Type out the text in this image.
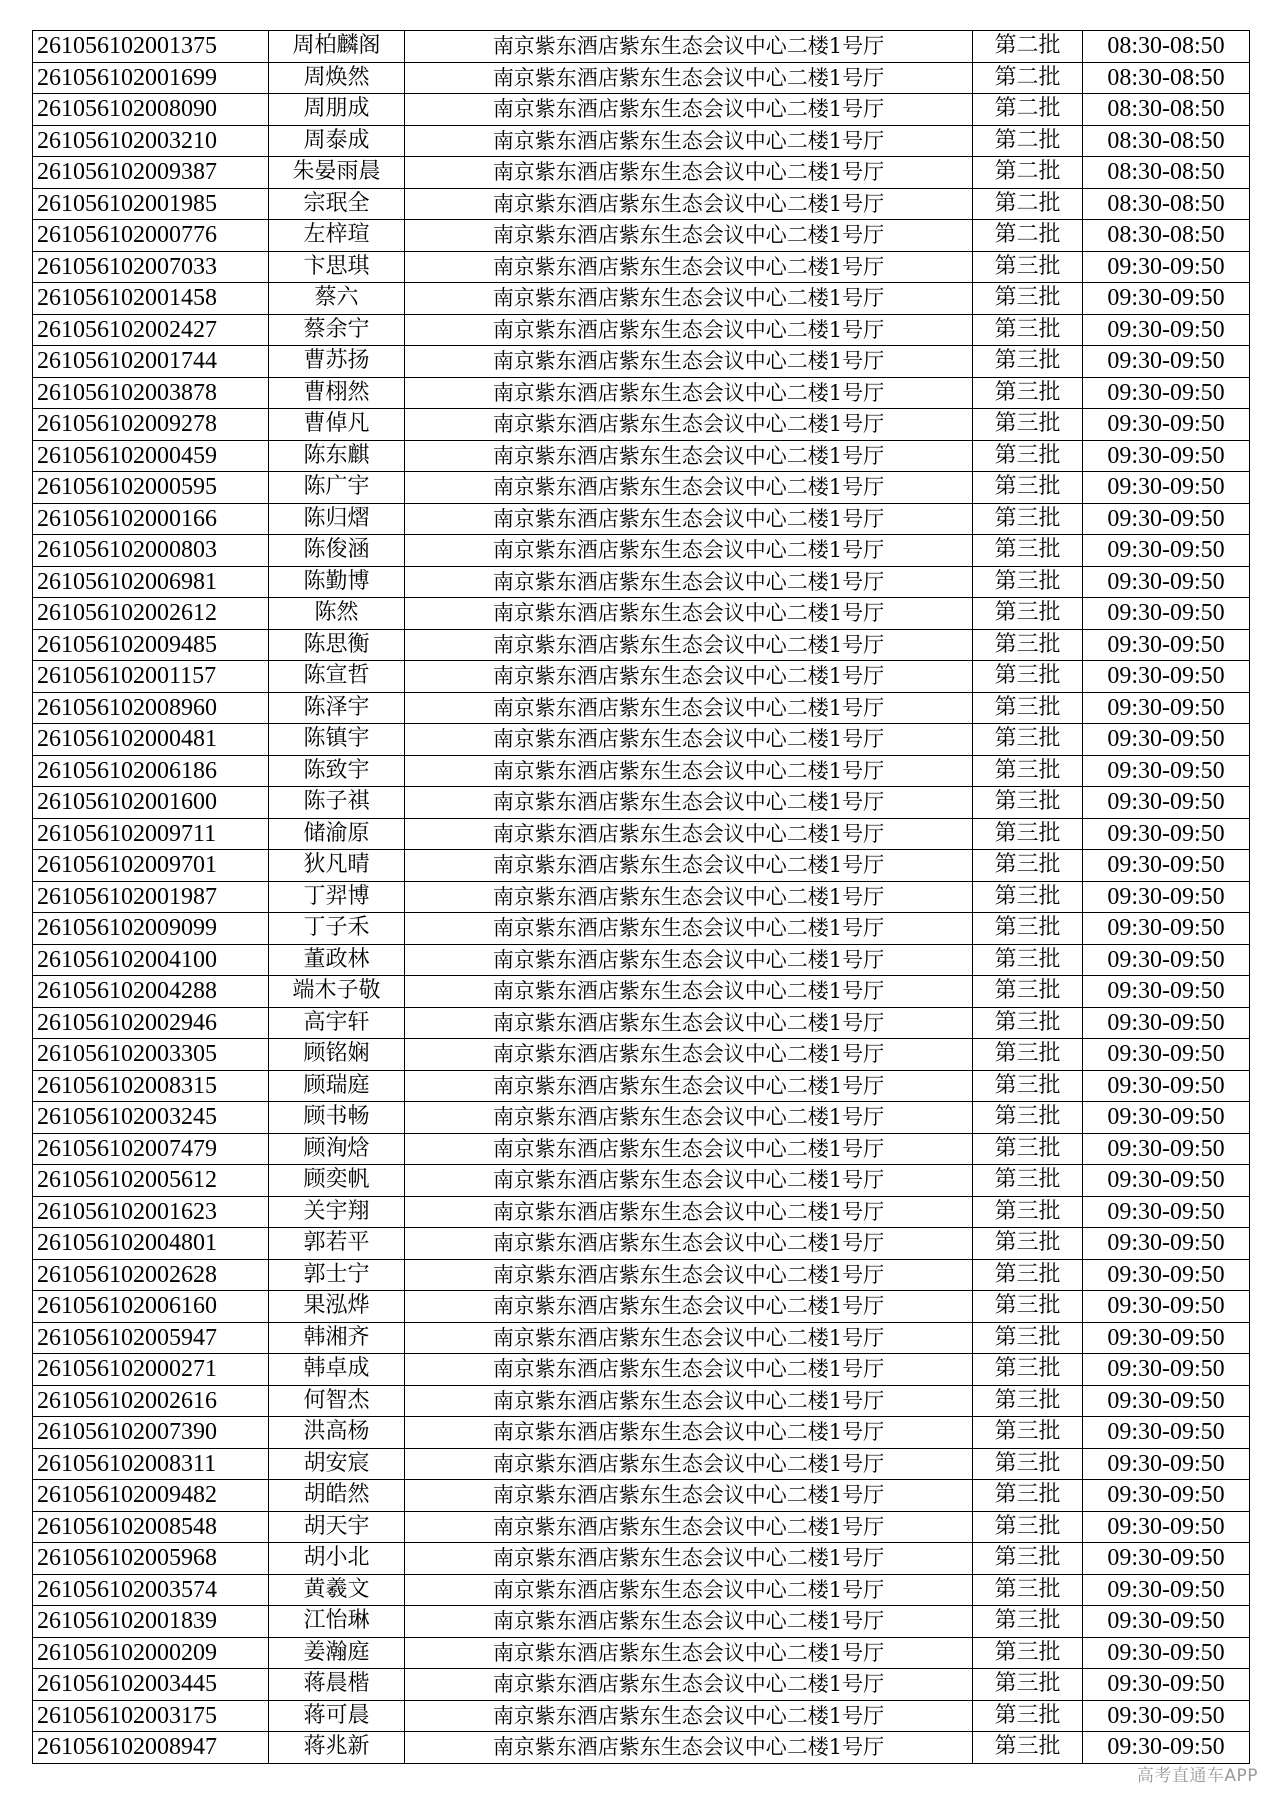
261056102001375	周柏麟阁	南京紫东酒店紫东生态会议中心二楼1号厅	第二批	08:30-08:50
261056102001699	周焕然	南京紫东酒店紫东生态会议中心二楼1号厅	第二批	08:30-08:50
261056102008090	周朋成	南京紫东酒店紫东生态会议中心二楼1号厅	第二批	08:30-08:50
261056102003210	周泰成	南京紫东酒店紫东生态会议中心二楼1号厅	第二批	08:30-08:50
261056102009387	朱晏雨晨	南京紫东酒店紫东生态会议中心二楼1号厅	第二批	08:30-08:50
261056102001985	宗珉全	南京紫东酒店紫东生态会议中心二楼1号厅	第二批	08:30-08:50
261056102000776	左梓瑄	南京紫东酒店紫东生态会议中心二楼1号厅	第二批	08:30-08:50
261056102007033	卞思琪	南京紫东酒店紫东生态会议中心二楼1号厅	第三批	09:30-09:50
261056102001458	蔡六	南京紫东酒店紫东生态会议中心二楼1号厅	第三批	09:30-09:50
261056102002427	蔡余宁	南京紫东酒店紫东生态会议中心二楼1号厅	第三批	09:30-09:50
261056102001744	曹苏扬	南京紫东酒店紫东生态会议中心二楼1号厅	第三批	09:30-09:50
261056102003878	曹栩然	南京紫东酒店紫东生态会议中心二楼1号厅	第三批	09:30-09:50
261056102009278	曹倬凡	南京紫东酒店紫东生态会议中心二楼1号厅	第三批	09:30-09:50
261056102000459	陈东麒	南京紫东酒店紫东生态会议中心二楼1号厅	第三批	09:30-09:50
261056102000595	陈广宇	南京紫东酒店紫东生态会议中心二楼1号厅	第三批	09:30-09:50
261056102000166	陈归熠	南京紫东酒店紫东生态会议中心二楼1号厅	第三批	09:30-09:50
261056102000803	陈俊涵	南京紫东酒店紫东生态会议中心二楼1号厅	第三批	09:30-09:50
261056102006981	陈勤博	南京紫东酒店紫东生态会议中心二楼1号厅	第三批	09:30-09:50
261056102002612	陈然	南京紫东酒店紫东生态会议中心二楼1号厅	第三批	09:30-09:50
261056102009485	陈思衡	南京紫东酒店紫东生态会议中心二楼1号厅	第三批	09:30-09:50
261056102001157	陈宣哲	南京紫东酒店紫东生态会议中心二楼1号厅	第三批	09:30-09:50
261056102008960	陈泽宇	南京紫东酒店紫东生态会议中心二楼1号厅	第三批	09:30-09:50
261056102000481	陈镇宇	南京紫东酒店紫东生态会议中心二楼1号厅	第三批	09:30-09:50
261056102006186	陈致宇	南京紫东酒店紫东生态会议中心二楼1号厅	第三批	09:30-09:50
261056102001600	陈子祺	南京紫东酒店紫东生态会议中心二楼1号厅	第三批	09:30-09:50
261056102009711	储渝原	南京紫东酒店紫东生态会议中心二楼1号厅	第三批	09:30-09:50
261056102009701	狄凡晴	南京紫东酒店紫东生态会议中心二楼1号厅	第三批	09:30-09:50
261056102001987	丁羿博	南京紫东酒店紫东生态会议中心二楼1号厅	第三批	09:30-09:50
261056102009099	丁子禾	南京紫东酒店紫东生态会议中心二楼1号厅	第三批	09:30-09:50
261056102004100	董政林	南京紫东酒店紫东生态会议中心二楼1号厅	第三批	09:30-09:50
261056102004288	端木子敬	南京紫东酒店紫东生态会议中心二楼1号厅	第三批	09:30-09:50
261056102002946	高宇轩	南京紫东酒店紫东生态会议中心二楼1号厅	第三批	09:30-09:50
261056102003305	顾铭娴	南京紫东酒店紫东生态会议中心二楼1号厅	第三批	09:30-09:50
261056102008315	顾瑞庭	南京紫东酒店紫东生态会议中心二楼1号厅	第三批	09:30-09:50
261056102003245	顾书畅	南京紫东酒店紫东生态会议中心二楼1号厅	第三批	09:30-09:50
261056102007479	顾洵焓	南京紫东酒店紫东生态会议中心二楼1号厅	第三批	09:30-09:50
261056102005612	顾奕帆	南京紫东酒店紫东生态会议中心二楼1号厅	第三批	09:30-09:50
261056102001623	关宇翔	南京紫东酒店紫东生态会议中心二楼1号厅	第三批	09:30-09:50
261056102004801	郭若平	南京紫东酒店紫东生态会议中心二楼1号厅	第三批	09:30-09:50
261056102002628	郭士宁	南京紫东酒店紫东生态会议中心二楼1号厅	第三批	09:30-09:50
261056102006160	果泓烨	南京紫东酒店紫东生态会议中心二楼1号厅	第三批	09:30-09:50
261056102005947	韩湘齐	南京紫东酒店紫东生态会议中心二楼1号厅	第三批	09:30-09:50
261056102000271	韩卓成	南京紫东酒店紫东生态会议中心二楼1号厅	第三批	09:30-09:50
261056102002616	何智杰	南京紫东酒店紫东生态会议中心二楼1号厅	第三批	09:30-09:50
261056102007390	洪高杨	南京紫东酒店紫东生态会议中心二楼1号厅	第三批	09:30-09:50
261056102008311	胡安宸	南京紫东酒店紫东生态会议中心二楼1号厅	第三批	09:30-09:50
261056102009482	胡皓然	南京紫东酒店紫东生态会议中心二楼1号厅	第三批	09:30-09:50
261056102008548	胡天宇	南京紫东酒店紫东生态会议中心二楼1号厅	第三批	09:30-09:50
261056102005968	胡小北	南京紫东酒店紫东生态会议中心二楼1号厅	第三批	09:30-09:50
261056102003574	黄羲文	南京紫东酒店紫东生态会议中心二楼1号厅	第三批	09:30-09:50
261056102001839	江怡琳	南京紫东酒店紫东生态会议中心二楼1号厅	第三批	09:30-09:50
261056102000209	姜瀚庭	南京紫东酒店紫东生态会议中心二楼1号厅	第三批	09:30-09:50
261056102003445	蒋晨楷	南京紫东酒店紫东生态会议中心二楼1号厅	第三批	09:30-09:50
261056102003175	蒋可晨	南京紫东酒店紫东生态会议中心二楼1号厅	第三批	09:30-09:50
261056102008947	蒋兆新	南京紫东酒店紫东生态会议中心二楼1号厅	第三批	09:30-09:50
高考直通车APP
